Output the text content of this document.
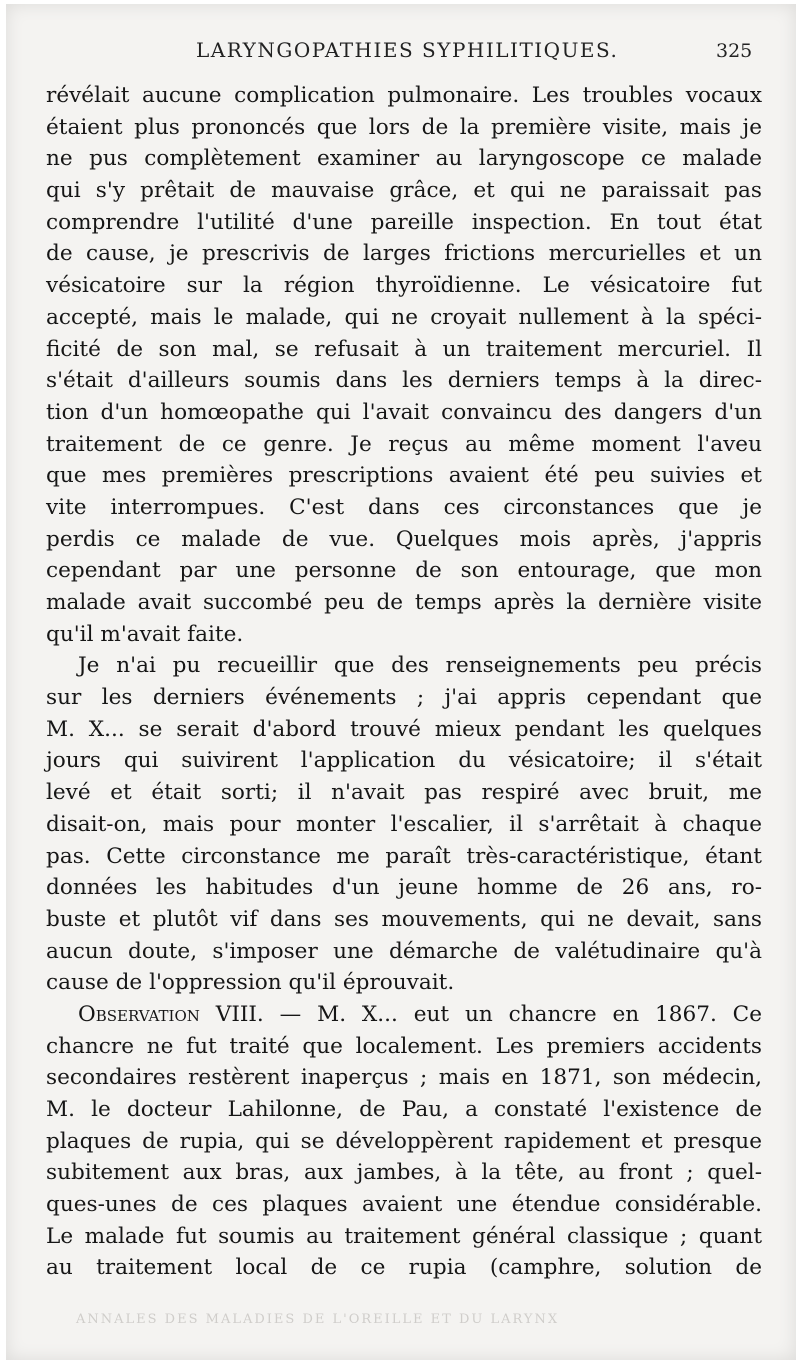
LARYNGOPATHIES SYPHILITIQUES.	325
révélait aucune complication pulmonaire. Les troubles vocaux
étaient plus prononcés que lors de la première visite, mais je
ne pus complètement examiner au laryngoscope ce malade
qui s'y prêtait de mauvaise grâce, et qui ne paraissait pas
comprendre l'utilité d'une pareille inspection. En tout état
de cause, je prescrivis de larges frictions mercurielles et un
vésicatoire sur la région thyroïdienne. Le vésicatoire fut
accepté, mais le malade, qui ne croyait nullement à la spéci-
ficité de son mal, se refusait à un traitement mercuriel. Il
s'était d'ailleurs soumis dans les derniers temps à la direc-
tion d'un homœopathe qui l'avait convaincu des dangers d'un
traitement de ce genre. Je reçus au même moment l'aveu
que mes premières prescriptions avaient été peu suivies et
vite interrompues. C'est dans ces circonstances que je
perdis ce malade de vue. Quelques mois après, j'appris
cependant par une personne de son entourage, que mon
malade avait succombé peu de temps après la dernière visite
qu'il m'avait faite.
Je n'ai pu recueillir que des renseignements peu précis
sur les derniers événements ; j'ai appris cependant que
M. X... se serait d'abord trouvé mieux pendant les quelques
jours qui suivirent l'application du vésicatoire; il s'était
levé et était sorti; il n'avait pas respiré avec bruit, me
disait-on, mais pour monter l'escalier, il s'arrêtait à chaque
pas. Cette circonstance me paraît très-caractéristique, étant
données les habitudes d'un jeune homme de 26 ans, ro-
buste et plutôt vif dans ses mouvements, qui ne devait, sans
aucun doute, s'imposer une démarche de valétudinaire qu'à
cause de l'oppression qu'il éprouvait.
Observation VIII. — M. X... eut un chancre en 1867. Ce
chancre ne fut traité que localement. Les premiers accidents
secondaires restèrent inaperçus ; mais en 1871, son médecin,
M. le docteur Lahilonne, de Pau, a constaté l'existence de
plaques de rupia, qui se développèrent rapidement et presque
subitement aux bras, aux jambes, à la tête, au front ; quel-
ques-unes de ces plaques avaient une étendue considérable.
Le malade fut soumis au traitement général classique ; quant
au traitement local de ce rupia (camphre, solution de
ANNALES DES MALADIES DE L'OREILLE ET DU LARYNX
